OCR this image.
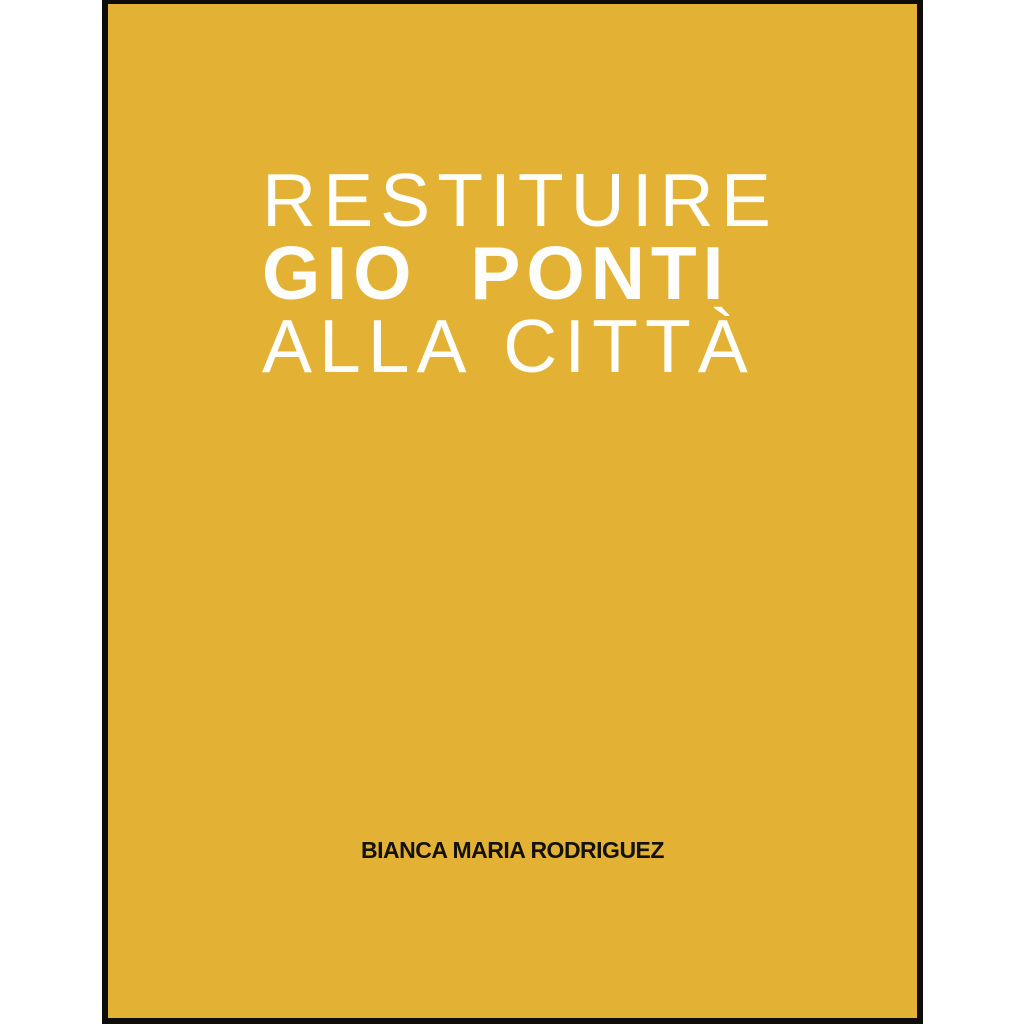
RESTITUIRE
GIO PONTI
ALLA CITTÀ
BIANCA MARIA RODRIGUEZ
